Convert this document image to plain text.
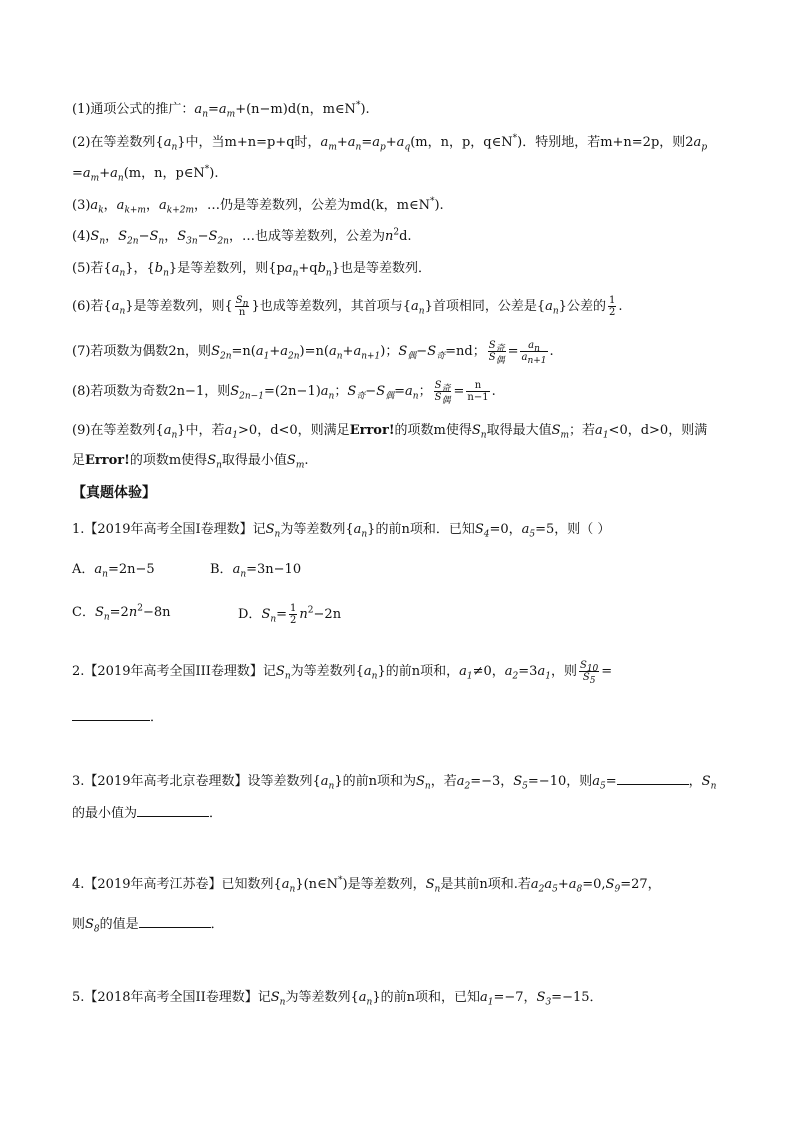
(1)通项公式的推广：$a_n=a_m+(n-m)d(n$，m∈N*).
(2)在等差数列$\{a_n\}$中，当m+n=p+q时，$a_m+a_n=a_p+a_q(m$，n，p，q∈N*)．特别地，若m+n=2p，则$2a_p$
$=a_m+a_n(m$，n，p∈N*).
$(3)a_k$，$a_{k+m}$，$a_{k+2m}$，…仍是等差数列，公差为md(k，m∈N*).
$(4)S_n$，$S_{2n}-S_n$，$S_{3n}-S_{2n}$，…也成等差数列，公差为$n^2d$.
(5)若$\{a_n\}$，$\{b_n\}$是等差数列，则$\{pa_n+qb_n\}$也是等差数列．
(6)若$\{a_n\}$是等差数列，则{ $\frac{S_n}{n}$ }也成等差数列，其首项与$\{a_n\}$首项相同，公差是$\{a_n\}$公差的 $\frac{1}{2}$ .
(7)若项数为偶数2n，则$S_{2n}=n(a_1+a_{2n})=n(a_n+a_{n+1})$；$S_偶-S_奇=nd$； $\frac{S_奇}{S_偶} = \frac{a_n}{a_{n+1}}$ .
(8)若项数为奇数2n−1，则$S_{2n-1}=(2n-1)a_n$；$S_奇-S_偶=a_n$； $\frac{S_奇}{S_偶} = \frac{n}{n-1}$ .
(9)在等差数列$\{a_n\}$中，若$a_1>0$，d<0，则满足Error!的项数m使得$S_n$取得最大值$S_m$；若$a_1<0$，d>0，则满
足Error!的项数m使得$S_n$取得最小值$S_m$.
【真题体验】
1.【2019年高考全国Ⅰ卷理数】记$S_n$为等差数列$\{a_n\}$的前n项和．已知$S_4=0$，$a_5=5$，则（ ）
A．$a_n=2n-5$	B．$a_n=3n-10$
C．$S_n=2n^2-8n$	D．$S_n= \frac{1}{2} n^2-2n$
2.【2019年高考全国III卷理数】记$S_n$为等差数列$\{a_n\}$的前n项和，$a_1\ne 0$，$a_2=3a_1$，则 $\frac{S_{10}}{S_5}$ =
．
3.【2019年高考北京卷理数】设等差数列$\{a_n\}$的前n项和为$S_n$，若$a_2=-3$，$S_5=-10$，则$a_5=$	，$S_n$
的最小值为	．
4.【2019年高考江苏卷】已知数列$\{a_n\}(n\in N^*)$是等差数列，$S_n$是其前n项和.若$a_2a_5+a_8=0,S_9=27$，
则$S_8$的值是	．
5.【2018年高考全国II卷理数】记$S_n$为等差数列$\{a_n\}$的前n项和，已知$a_1=-7$，$S_3=-15$．
